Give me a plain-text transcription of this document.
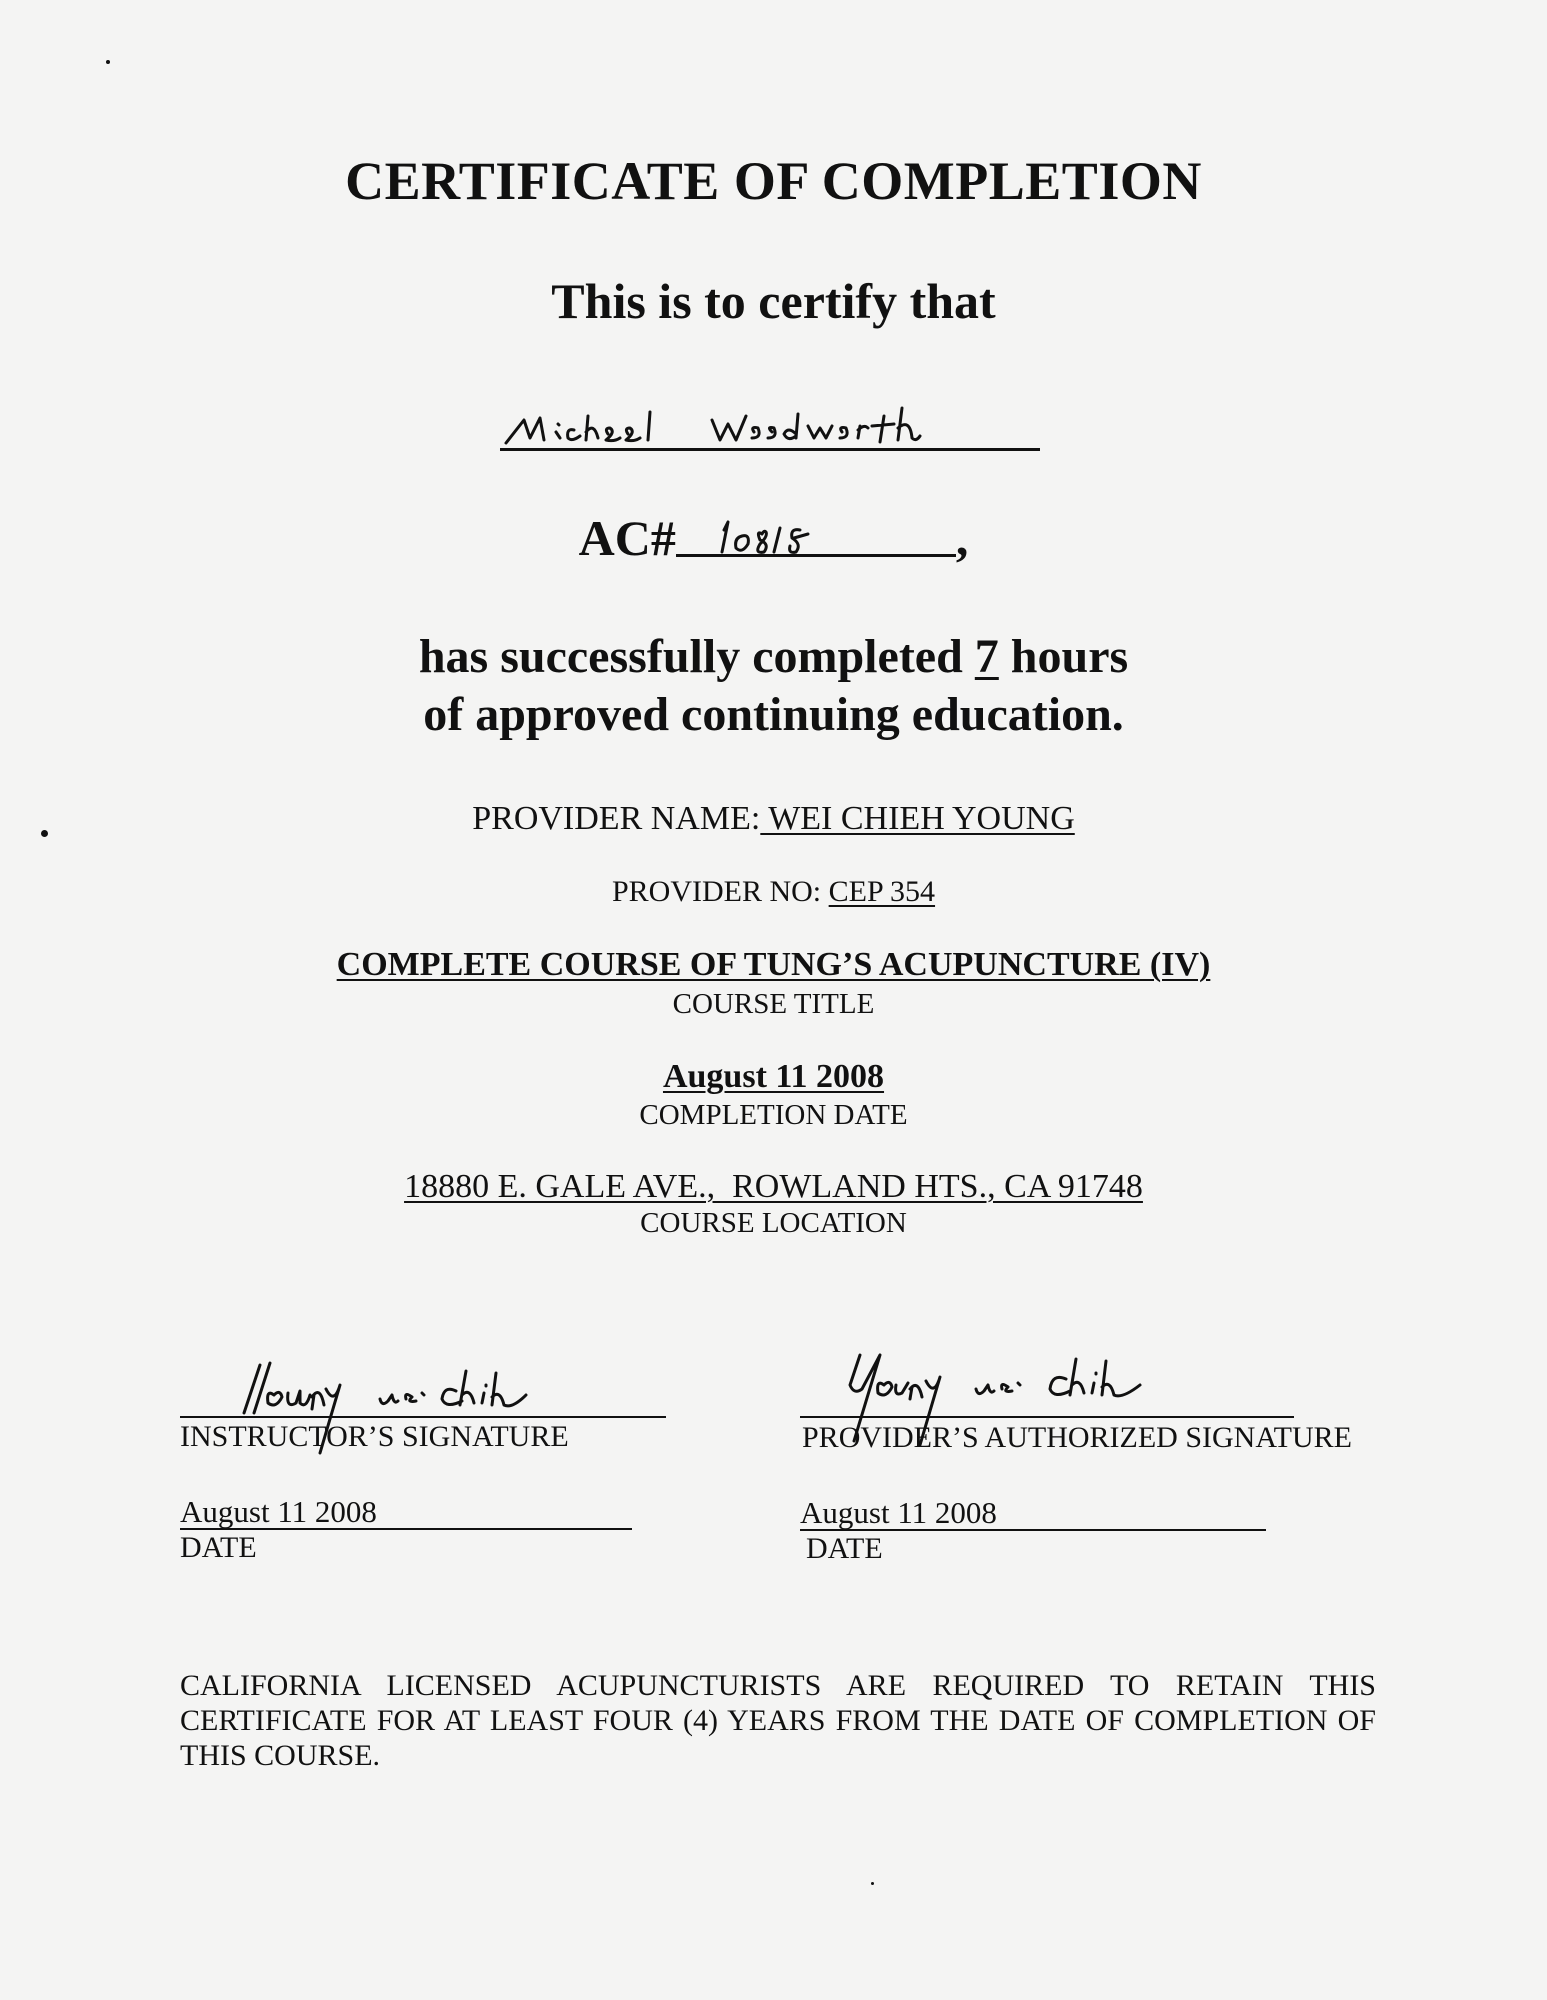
CERTIFICATE OF COMPLETION
This is to certify that
AC#	,
has successfully completed 7 hours
of approved continuing education.
PROVIDER NAME: WEI CHIEH YOUNG
PROVIDER NO: CEP 354
COMPLETE COURSE OF TUNG’S ACUPUNCTURE (IV)
COURSE TITLE
August 11 2008
COMPLETION DATE
18880 E. GALE AVE.,  ROWLAND HTS., CA 91748
COURSE LOCATION
INSTRUCTOR’S SIGNATURE
August 11 2008
DATE
PROVIDER’S AUTHORIZED SIGNATURE
August 11 2008
DATE
CALIFORNIA LICENSED ACUPUNCTURISTS ARE REQUIRED TO RETAIN THIS CERTIFICATE FOR AT LEAST FOUR (4) YEARS FROM THE DATE OF COMPLETION OF THIS COURSE.
